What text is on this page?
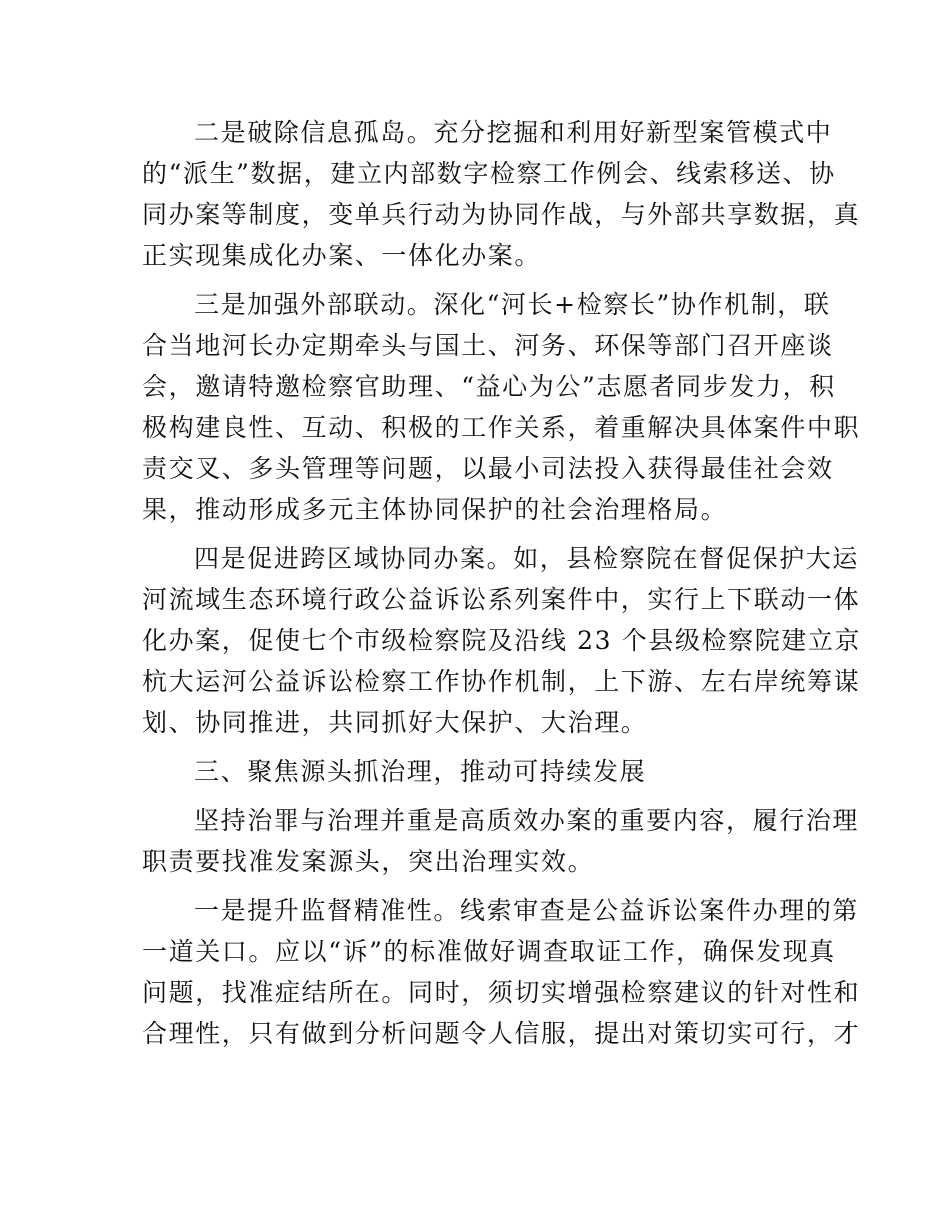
二是破除信息孤岛。充分挖掘和利用好新型案管模式中
的“派生”数据，建立内部数字检察工作例会、线索移送、协
同办案等制度，变单兵行动为协同作战，与外部共享数据，真
正实现集成化办案、一体化办案。
三是加强外部联动。深化“河长+检察长”协作机制，联
合当地河长办定期牵头与国土、河务、环保等部门召开座谈
会，邀请特邀检察官助理、“益心为公”志愿者同步发力，积
极构建良性、互动、积极的工作关系，着重解决具体案件中职
责交叉、多头管理等问题，以最小司法投入获得最佳社会效
果，推动形成多元主体协同保护的社会治理格局。
四是促进跨区域协同办案。如，县检察院在督促保护大运
河流域生态环境行政公益诉讼系列案件中，实行上下联动一体
化办案，促使七个市级检察院及沿线 23 个县级检察院建立京
杭大运河公益诉讼检察工作协作机制，上下游、左右岸统筹谋
划、协同推进，共同抓好大保护、大治理。
三、聚焦源头抓治理，推动可持续发展
坚持治罪与治理并重是高质效办案的重要内容，履行治理
职责要找准发案源头，突出治理实效。
一是提升监督精准性。线索审查是公益诉讼案件办理的第
一道关口。应以“诉”的标准做好调查取证工作，确保发现真
问题，找准症结所在。同时，须切实增强检察建议的针对性和
合理性，只有做到分析问题令人信服，提出对策切实可行，才
